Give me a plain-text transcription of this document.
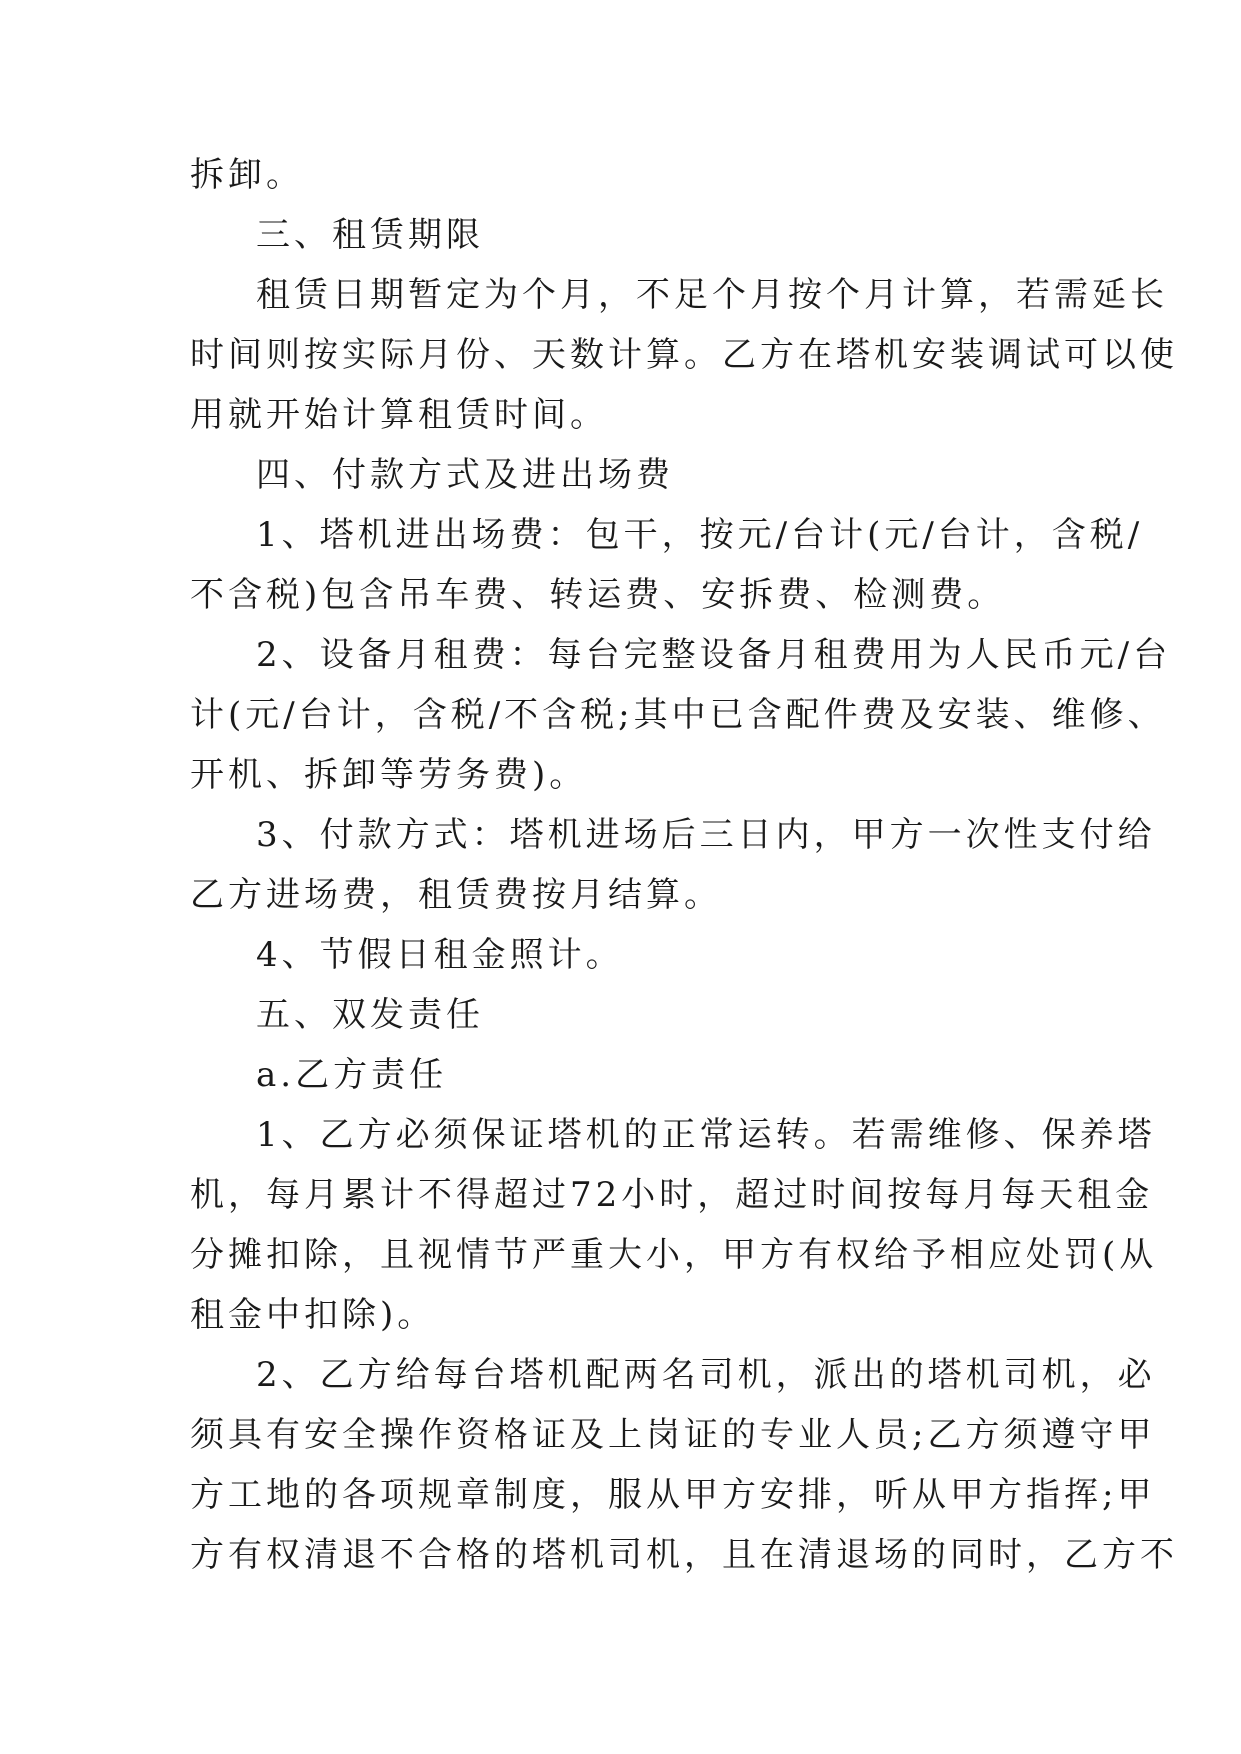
拆卸。
三、租赁期限
租赁日期暂定为个月，不足个月按个月计算，若需延长
时间则按实际月份、天数计算。乙方在塔机安装调试可以使
用就开始计算租赁时间。
四、付款方式及进出场费
1、塔机进出场费：包干，按元/台计(元/台计，含税/
不含税)包含吊车费、转运费、安拆费、检测费。
2、设备月租费：每台完整设备月租费用为人民币元/台
计(元/台计，含税/不含税;其中已含配件费及安装、维修、
开机、拆卸等劳务费)。
3、付款方式：塔机进场后三日内，甲方一次性支付给
乙方进场费，租赁费按月结算。
4、节假日租金照计。
五、双发责任
a.乙方责任
1、乙方必须保证塔机的正常运转。若需维修、保养塔
机，每月累计不得超过72小时，超过时间按每月每天租金
分摊扣除，且视情节严重大小，甲方有权给予相应处罚(从
租金中扣除)。
2、乙方给每台塔机配两名司机，派出的塔机司机，必
须具有安全操作资格证及上岗证的专业人员;乙方须遵守甲
方工地的各项规章制度，服从甲方安排，听从甲方指挥;甲
方有权清退不合格的塔机司机，且在清退场的同时，乙方不
